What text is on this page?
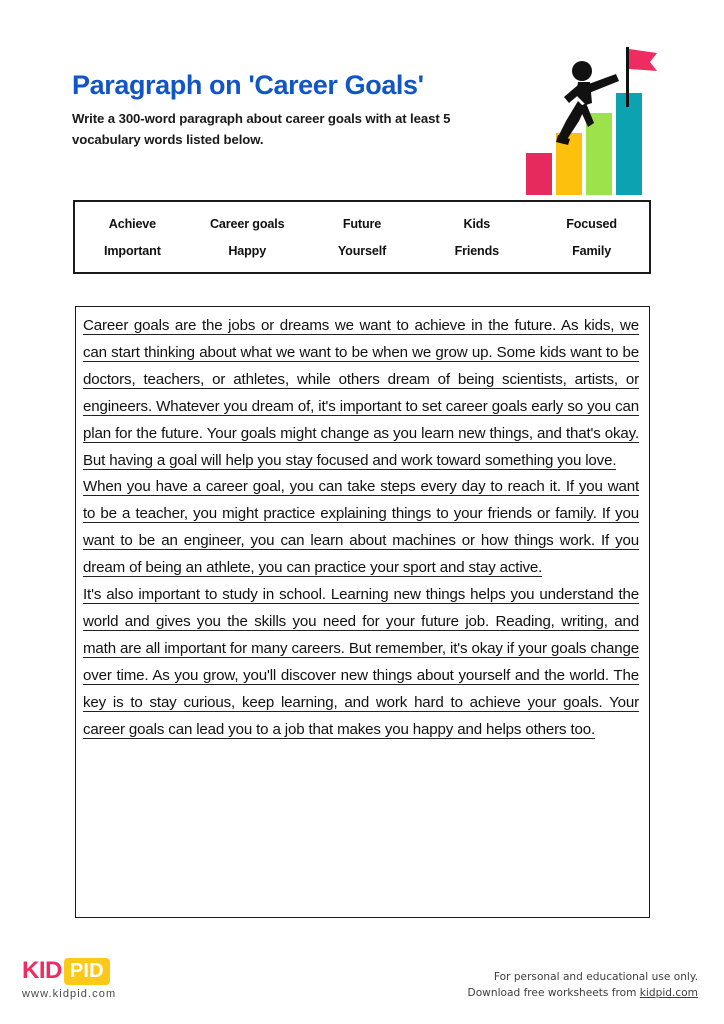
Paragraph on 'Career Goals'

Write a 300-word paragraph about career goals with at least 5 vocabulary words listed below.

Achieve	Career goals	Future	Kids	Focused
Important	Happy	Yourself	Friends	Family
Career goals are the jobs or dreams we want to achieve in the future. As kids, we can start thinking about what we want to be when we grow up. Some kids want to be doctors, teachers, or athletes, while others dream of being scientists, artists, or engineers. Whatever you dream of, it's important to set career goals early so you can plan for the future. Your goals might change as you learn new things, and that's okay. But having a goal will help you stay focused and work toward something you love.
When you have a career goal, you can take steps every day to reach it. If you want to be a teacher, you might practice explaining things to your friends or family. If you want to be an engineer, you can learn about machines or how things work. If you dream of being an athlete, you can practice your sport and stay active.
It's also important to study in school. Learning new things helps you understand the world and gives you the skills you need for your future job. Reading, writing, and math are all important for many careers. But remember, it's okay if your goals change over time. As you grow, you'll discover new things about yourself and the world. The key is to stay curious, keep learning, and work hard to achieve your goals. Your career goals can lead you to a job that makes you happy and helps others too.
KID PID
www.kidpid.com
For personal and educational use only.
Download free worksheets from kidpid.com
